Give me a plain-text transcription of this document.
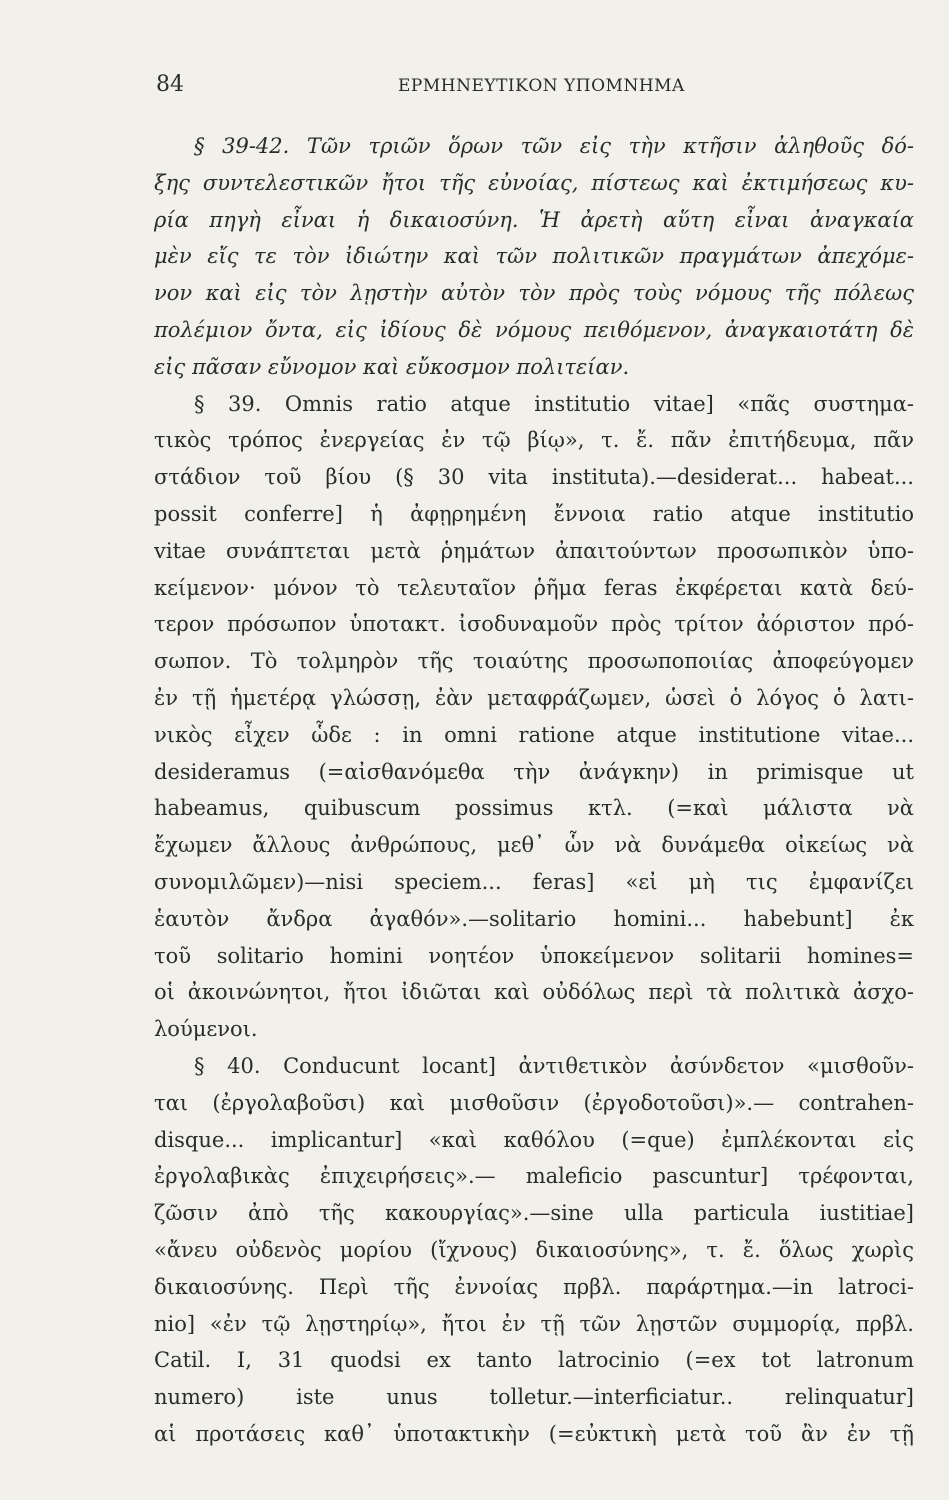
84	ΕΡΜΗΝΕΥΤΙΚΟΝ ΥΠΟΜΝΗΜΑ
§ 39-42. Τῶν τριῶν ὅρων τῶν εἰς τὴν κτῆσιν ἀληθοῦς δό-
ξης συντελεστικῶν ἤτοι τῆς εὐνοίας, πίστεως καὶ ἐκτιμήσεως κυ-
ρία πηγὴ εἶναι ἡ δικαιοσύνη. Ἡ ἀρετὴ αὕτη εἶναι ἀναγκαία
μὲν εἴς τε τὸν ἰδιώτην καὶ τῶν πολιτικῶν πραγμάτων ἀπεχόμε-
νον καὶ εἰς τὸν λῃστὴν αὐτὸν τὸν πρὸς τοὺς νόμους τῆς πόλεως
πολέμιον ὄντα, εἰς ἰδίους δὲ νόμους πειθόμενον, ἀναγκαιοτάτη δὲ
εἰς πᾶσαν εὔνομον καὶ εὔκοσμον πολιτείαν.
§ 39. Omnis ratio atque institutio vitae] «πᾶς συστημα-
τικὸς τρόπος ἐνεργείας ἐν τῷ βίῳ», τ. ἔ. πᾶν ἐπιτήδευμα, πᾶν
στάδιον τοῦ βίου (§ 30 vita instituta).—desiderat... habeat...
possit conferre] ἡ ἀφῃρημένη ἔννοια ratio atque institutio
vitae συνάπτεται μετὰ ῥημάτων ἀπαιτούντων προσωπικὸν ὑπο-
κείμενον· μόνον τὸ τελευταῖον ῥῆμα feras ἐκφέρεται κατὰ δεύ-
τερον πρόσωπον ὑποτακτ. ἰσοδυναμοῦν πρὸς τρίτον ἀόριστον πρό-
σωπον. Τὸ τολμηρὸν τῆς τοιαύτης προσωποποιίας ἀποφεύγομεν
ἐν τῇ ἡμετέρᾳ γλώσσῃ, ἐὰν μεταφράζωμεν, ὡσεὶ ὁ λόγος ὁ λατι-
νικὸς εἶχεν ὧδε : in omni ratione atque institutione vitae...
desideramus (=αἰσθανόμεθα τὴν ἀνάγκην) in primisque ut
habeamus, quibuscum possimus κτλ. (=καὶ μάλιστα νὰ
ἔχωμεν ἄλλους ἀνθρώπους, μεθ᾽ ὧν νὰ δυνάμεθα οἰκείως νὰ
συνομιλῶμεν)—nisi speciem... feras] «εἰ μὴ τις ἐμφανίζει
ἑαυτὸν ἄνδρα ἀγαθόν».—solitario homini... habebunt] ἐκ
τοῦ solitario homini νοητέον ὑποκείμενον solitarii homines=
οἱ ἀκοινώνητοι, ἤτοι ἰδιῶται καὶ οὐδόλως περὶ τὰ πολιτικὰ ἀσχο-
λούμενοι.
§ 40. Conducunt locant] ἀντιθετικὸν ἀσύνδετον «μισθοῦν-
ται (ἐργολαβοῦσι) καὶ μισθοῦσιν (ἐργοδοτοῦσι)».— contrahen-
disque... implicantur] «καὶ καθόλου (=que) ἐμπλέκονται εἰς
ἐργολαβικὰς ἐπιχειρήσεις».— maleficio pascuntur] τρέφονται,
ζῶσιν ἀπὸ τῆς κακουργίας».—sine ulla particula iustitiae]
«ἄνευ οὐδενὸς μορίου (ἴχνους) δικαιοσύνης», τ. ἔ. ὅλως χωρὶς
δικαιοσύνης. Περὶ τῆς ἐννοίας πρβλ. παράρτημα.—in latroci-
nio] «ἐν τῷ λῃστηρίῳ», ἤτοι ἐν τῇ τῶν λῃστῶν συμμορίᾳ, πρβλ.
Catil. I, 31 quodsi ex tanto latrocinio (=ex tot latronum
numero) iste unus tolletur.—interficiatur.. relinquatur]
αἱ προτάσεις καθ᾽ ὑποτακτικὴν (=εὐκτικὴ μετὰ τοῦ ἂν ἐν τῇ
